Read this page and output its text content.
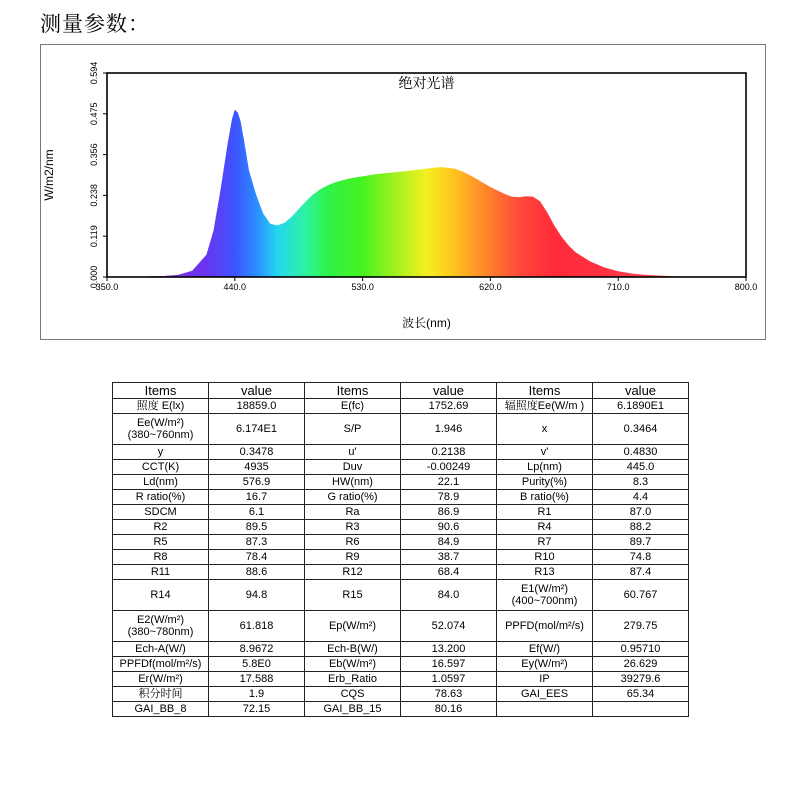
测量参数：
绝对光谱
350.0	440.0	530.0	620.0	710.0	800.0
0.000
0.119
0.238
0.356
0.475
0.594
波长(nm)
W/m2/nm
Items	value	Items	value	Items	value
照度 E(lx)	18859.0	E(fc)	1752.69	辐照度Ee(W/m )	6.1890E1
Ee(W/m²)(380~760nm)	6.174E1	S/P	1.946	x	0.3464
y	0.3478	u'	0.2138	v'	0.4830
CCT(K)	4935	Duv	-0.00249	Lp(nm)	445.0
Ld(nm)	576.9	HW(nm)	22.1	Purity(%)	8.3
R ratio(%)	16.7	G ratio(%)	78.9	B ratio(%)	4.4
SDCM	6.1	Ra	86.9	R1	87.0
R2	89.5	R3	90.6	R4	88.2
R5	87.3	R6	84.9	R7	89.7
R8	78.4	R9	38.7	R10	74.8
R11	88.6	R12	68.4	R13	87.4
R14	94.8	R15	84.0	E1(W/m²)(400~700nm)	60.767
E2(W/m²)(380~780nm)	61.818	Ep(W/m²)	52.074	PPFD(mol/m²/s)	279.75
Ech-A(W/)	8.9672	Ech-B(W/)	13.200	Ef(W/)	0.95710
PPFDf(mol/m²/s)	5.8E0	Eb(W/m²)	16.597	Ey(W/m²)	26.629
Er(W/m²)	17.588	Erb_Ratio	1.0597	IP	39279.6
积分时间	1.9	CQS	78.63	GAI_EES	65.34
GAI_BB_8	72.15	GAI_BB_15	80.16		
